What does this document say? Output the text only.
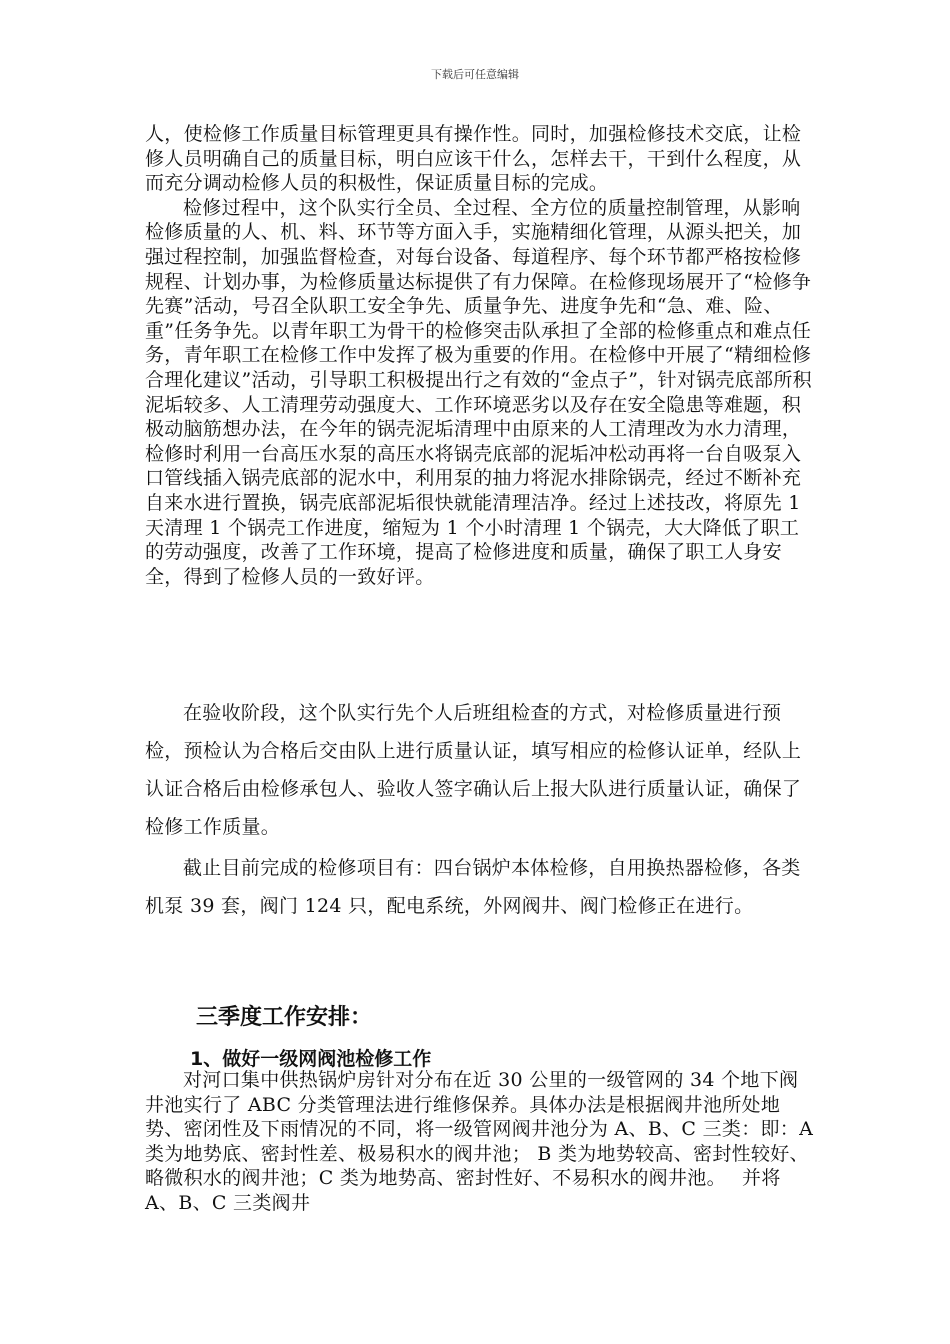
下载后可任意编辑

人，使检修工作质量目标管理更具有操作性。同时，加强检修技术交底，让检修人员明确自己的质量目标，明白应该干什么，怎样去干，干到什么程度，从而充分调动检修人员的积极性，保证质量目标的完成。

检修过程中，这个队实行全员、全过程、全方位的质量控制管理，从影响检修质量的人、机、料、环节等方面入手，实施精细化管理，从源头把关，加强过程控制，加强监督检查，对每台设备、每道程序、每个环节都严格按检修规程、计划办事，为检修质量达标提供了有力保障。在检修现场展开了“检修争先赛”活动，号召全队职工安全争先、质量争先、进度争先和“急、难、险、重”任务争先。以青年职工为骨干的检修突击队承担了全部的检修重点和难点任务，青年职工在检修工作中发挥了极为重要的作用。在检修中开展了“精细检修合理化建议”活动，引导职工积极提出行之有效的“金点子”，针对锅壳底部所积泥垢较多、人工清理劳动强度大、工作环境恶劣以及存在安全隐患等难题，积极动脑筋想办法，在今年的锅壳泥垢清理中由原来的人工清理改为水力清理，检修时利用一台高压水泵的高压水将锅壳底部的泥垢冲松动再将一台自吸泵入口管线插入锅壳底部的泥水中，利用泵的抽力将泥水排除锅壳，经过不断补充自来水进行置换，锅壳底部泥垢很快就能清理洁净。经过上述技改，将原先 1 天清理 1 个锅壳工作进度，缩短为 1 个小时清理 1 个锅壳，大大降低了职工的劳动强度，改善了工作环境，提高了检修进度和质量，确保了职工人身安全，得到了检修人员的一致好评。

在验收阶段，这个队实行先个人后班组检查的方式，对检修质量进行预检，预检认为合格后交由队上进行质量认证，填写相应的检修认证单，经队上认证合格后由检修承包人、验收人签字确认后上报大队进行质量认证，确保了检修工作质量。

截止目前完成的检修项目有：四台锅炉本体检修，自用换热器检修，各类机泵 39 套，阀门 124 只，配电系统，外网阀井、阀门检修正在进行。

三季度工作安排：
1、做好一级网阀池检修工作

对河口集中供热锅炉房针对分布在近 30 公里的一级管网的 34 个地下阀井池实行了 ABC 分类管理法进行维修保养。具体办法是根据阀井池所处地势、密闭性及下雨情况的不同，将一级管网阀井池分为 A、B、C 三类：即：A 类为地势底、密封性差、极易积水的阀井池； B 类为地势较高、密封性较好、略微积水的阀井池；C 类为地势高、密封性好、不易积水的阀井池。　 并将 A、B、C 三类阀井
